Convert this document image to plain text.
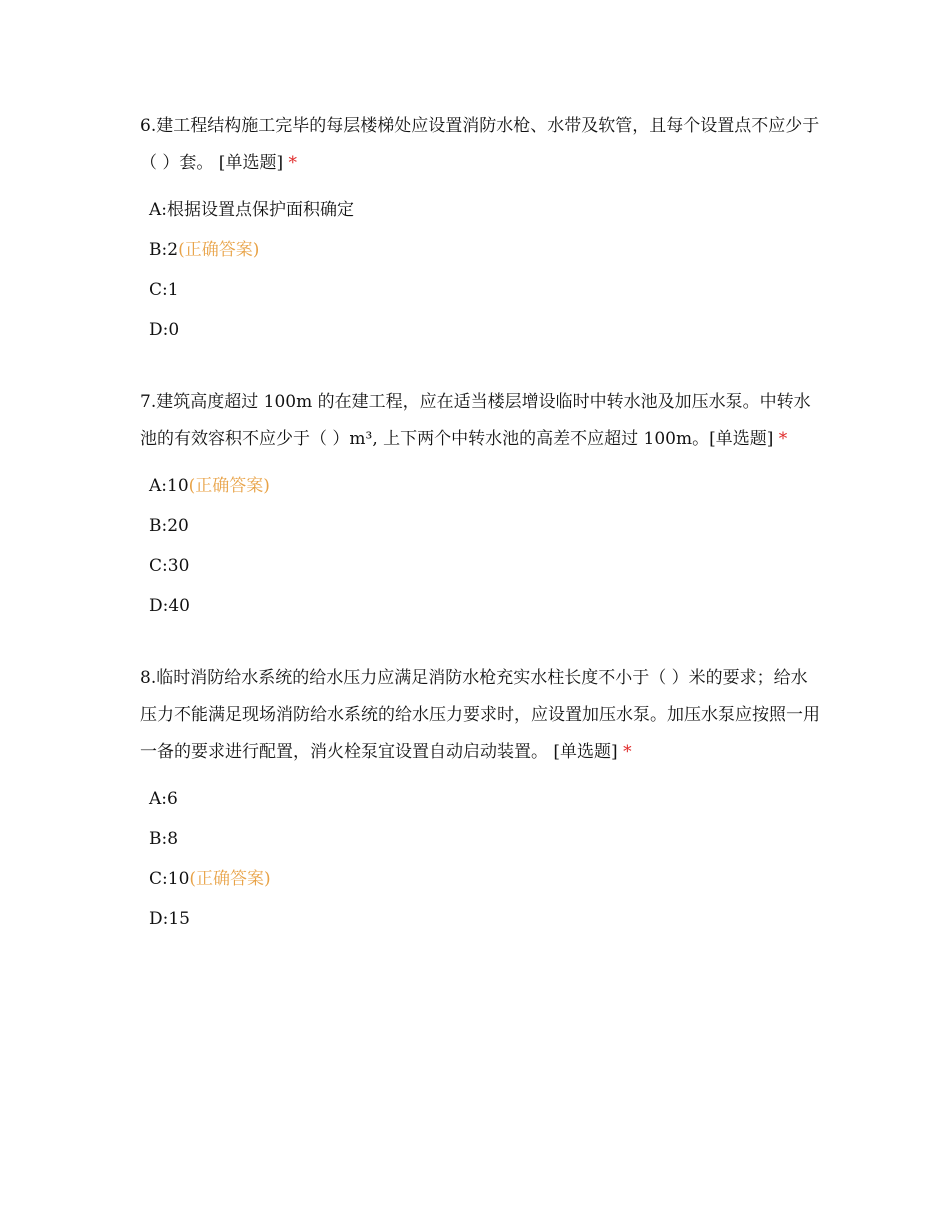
6.建工程结构施工完毕的每层楼梯处应设置消防水枪、水带及软管，且每个设置点不应少于（ ）套。 [单选题] *

A:根据设置点保护面积确定
B:2(正确答案)
C:1
D:0

7.建筑高度超过 100m 的在建工程，应在适当楼层增设临时中转水池及加压水泵。中转水池的有效容积不应少于（ ）m³, 上下两个中转水池的高差不应超过 100m。[单选题] *

A:10(正确答案)
B:20
C:30
D:40

8.临时消防给水系统的给水压力应满足消防水枪充实水柱长度不小于（ ）米的要求；给水压力不能满足现场消防给水系统的给水压力要求时，应设置加压水泵。加压水泵应按照一用一备的要求进行配置，消火栓泵宜设置自动启动装置。 [单选题] *

A:6
B:8
C:10(正确答案)
D:15
